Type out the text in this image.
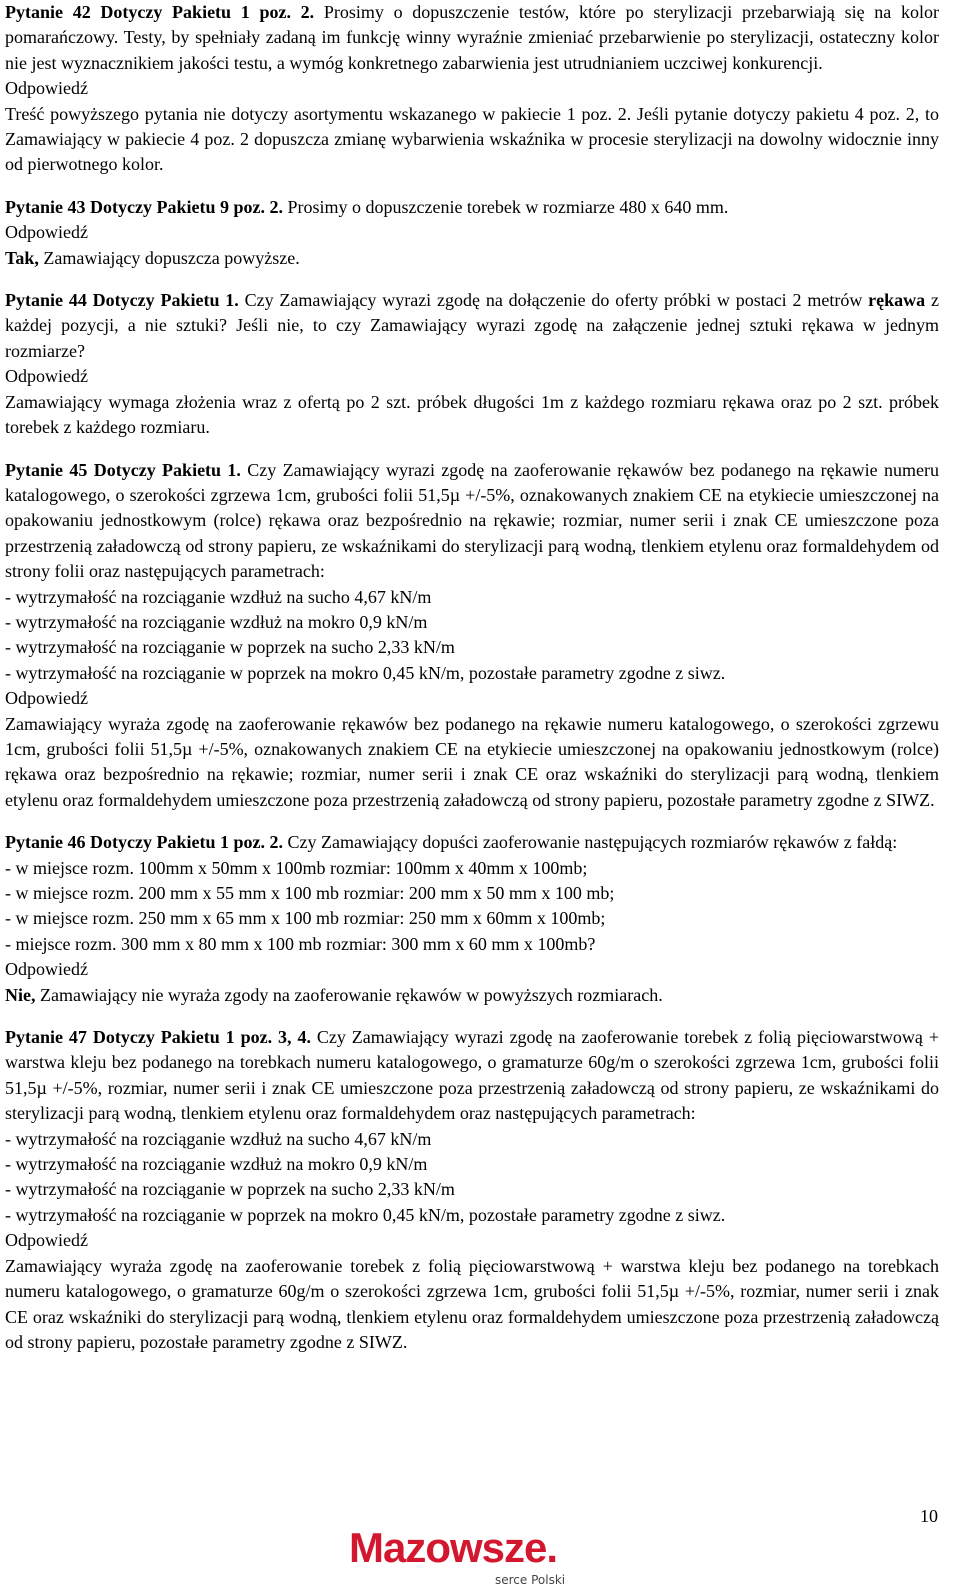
Pytanie 42 Dotyczy Pakietu 1 poz. 2. Prosimy o dopuszczenie testów, które po sterylizacji przebarwiają się na kolor pomarańczowy. Testy, by spełniały zadaną im funkcję winny wyraźnie zmieniać przebarwienie po sterylizacji, ostateczny kolor nie jest wyznacznikiem jakości testu, a wymóg konkretnego zabarwienia jest utrudnianiem uczciwej konkurencji.

Odpowiedź

Treść powyższego pytania nie dotyczy asortymentu wskazanego w pakiecie 1 poz. 2. Jeśli pytanie dotyczy pakietu 4 poz. 2, to Zamawiający w pakiecie 4 poz. 2 dopuszcza zmianę wybarwienia wskaźnika w procesie sterylizacji na dowolny widocznie inny od pierwotnego kolor.

Pytanie 43 Dotyczy Pakietu 9 poz. 2. Prosimy o dopuszczenie torebek w rozmiarze 480 x 640 mm.

Odpowiedź

Tak, Zamawiający dopuszcza powyższe.

Pytanie 44 Dotyczy Pakietu 1. Czy Zamawiający wyrazi zgodę na dołączenie do oferty próbki w postaci 2 metrów rękawa z każdej pozycji, a nie sztuki? Jeśli nie, to czy Zamawiający wyrazi zgodę na załączenie jednej sztuki rękawa w jednym rozmiarze?

Odpowiedź

Zamawiający wymaga złożenia wraz z ofertą po 2 szt. próbek długości 1m z każdego rozmiaru rękawa oraz po 2 szt. próbek torebek z każdego rozmiaru.

Pytanie 45 Dotyczy Pakietu 1. Czy Zamawiający wyrazi zgodę na zaoferowanie rękawów bez podanego na rękawie numeru katalogowego, o szerokości zgrzewa 1cm, grubości folii 51,5µ +/-5%, oznakowanych znakiem CE na etykiecie umieszczonej na opakowaniu jednostkowym (rolce) rękawa oraz bezpośrednio na rękawie; rozmiar, numer serii i znak CE umieszczone poza przestrzenią załadowczą od strony papieru, ze wskaźnikami do sterylizacji parą wodną, tlenkiem etylenu oraz formaldehydem od strony folii oraz następujących parametrach:

- wytrzymałość na rozciąganie wzdłuż na sucho 4,67 kN/m
- wytrzymałość na rozciąganie wzdłuż na mokro 0,9 kN/m
- wytrzymałość na rozciąganie w poprzek na sucho 2,33 kN/m
- wytrzymałość na rozciąganie w poprzek na mokro 0,45 kN/m, pozostałe parametry zgodne z siwz.
Odpowiedź

Zamawiający wyraża zgodę na zaoferowanie rękawów bez podanego na rękawie numeru katalogowego, o szerokości zgrzewu 1cm, grubości folii 51,5µ +/-5%, oznakowanych znakiem CE na etykiecie umieszczonej na opakowaniu jednostkowym (rolce) rękawa oraz bezpośrednio na rękawie; rozmiar, numer serii i znak CE oraz wskaźniki do sterylizacji parą wodną, tlenkiem etylenu oraz formaldehydem umieszczone poza przestrzenią załadowczą od strony papieru, pozostałe parametry zgodne z SIWZ.

Pytanie 46 Dotyczy Pakietu 1 poz. 2. Czy Zamawiający dopuści zaoferowanie następujących rozmiarów rękawów z fałdą:

- w miejsce rozm. 100mm x 50mm x 100mb rozmiar: 100mm x 40mm x 100mb;
- w miejsce rozm. 200 mm x 55 mm x 100 mb rozmiar: 200 mm x 50 mm x 100 mb;
- w miejsce rozm. 250 mm x 65 mm x 100 mb rozmiar: 250 mm x 60mm x 100mb;
- miejsce rozm. 300 mm x 80 mm x 100 mb rozmiar: 300 mm x 60 mm x 100mb?
Odpowiedź

Nie, Zamawiający nie wyraża zgody na zaoferowanie rękawów w powyższych rozmiarach.

Pytanie 47 Dotyczy Pakietu 1 poz. 3, 4. Czy Zamawiający wyrazi zgodę na zaoferowanie torebek z folią pięciowarstwową + warstwa kleju bez podanego na torebkach numeru katalogowego, o gramaturze 60g/m o szerokości zgrzewa 1cm, grubości folii 51,5µ +/-5%, rozmiar, numer serii i znak CE umieszczone poza przestrzenią załadowczą od strony papieru, ze wskaźnikami do sterylizacji parą wodną, tlenkiem etylenu oraz formaldehydem oraz następujących parametrach:

- wytrzymałość na rozciąganie wzdłuż na sucho 4,67 kN/m
- wytrzymałość na rozciąganie wzdłuż na mokro 0,9 kN/m
- wytrzymałość na rozciąganie w poprzek na sucho 2,33 kN/m
- wytrzymałość na rozciąganie w poprzek na mokro 0,45 kN/m, pozostałe parametry zgodne z siwz.
Odpowiedź

Zamawiający wyraża zgodę na zaoferowanie torebek z folią pięciowarstwową + warstwa kleju bez podanego na torebkach numeru katalogowego, o gramaturze 60g/m o szerokości zgrzewa 1cm, grubości folii 51,5µ +/-5%, rozmiar, numer serii i znak CE oraz wskaźniki do sterylizacji parą wodną, tlenkiem etylenu oraz formaldehydem umieszczone poza przestrzenią załadowczą od strony papieru, pozostałe parametry zgodne z SIWZ.

10
Mazowsze.
serce Polski
